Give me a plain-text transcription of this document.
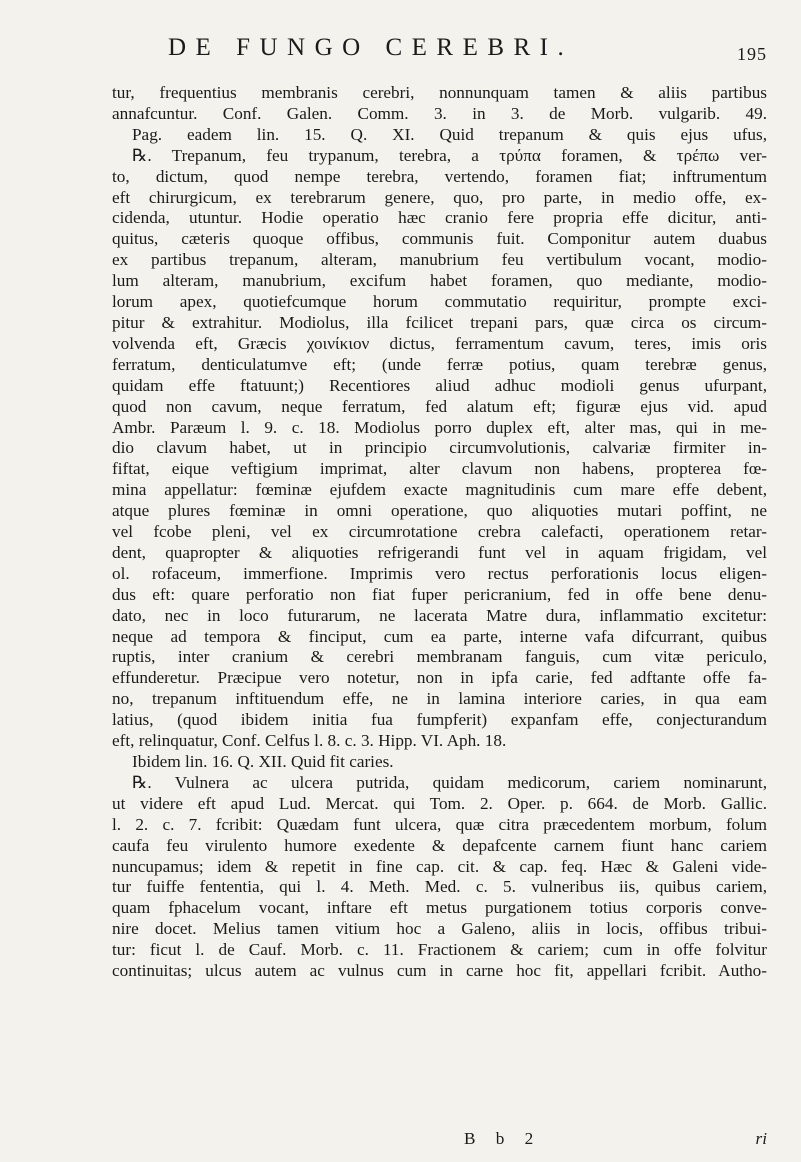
DE FUNGO CEREBRI.	195
tur, frequentius membranis cerebri, nonnunquam tamen & aliis partibus
annafcuntur. Conf. Galen. Comm. 3. in 3. de Morb. vulgarib. 49.
Pag. eadem lin. 15. Q. XI. Quid trepanum & quis ejus ufus,
℞. Trepanum, feu trypanum, terebra, a τρύπα foramen, & τρέπω ver-
to, dictum, quod nempe terebra, vertendo, foramen fiat; inftrumentum
eft chirurgicum, ex terebrarum genere, quo, pro parte, in medio offe, ex-
cidenda, utuntur. Hodie operatio hæc cranio fere propria effe dicitur, anti-
quitus, cæteris quoque offibus, communis fuit. Componitur autem duabus
ex partibus trepanum, alteram, manubrium feu vertibulum vocant, modio-
lum alteram, manubrium, excifum habet foramen, quo mediante, modio-
lorum apex, quotiefcumque horum commutatio requiritur, prompte exci-
pitur & extrahitur. Modiolus, illa fcilicet trepani pars, quæ circa os circum-
volvenda eft, Græcis χοινίκιον dictus, ferramentum cavum, teres, imis oris
ferratum, denticulatumve eft; (unde ferræ potius, quam terebræ genus,
quidam effe ftatuunt;) Recentiores aliud adhuc modioli genus ufurpant,
quod non cavum, neque ferratum, fed alatum eft; figuræ ejus vid. apud
Ambr. Paræum l. 9. c. 18. Modiolus porro duplex eft, alter mas, qui in me-
dio clavum habet, ut in principio circumvolutionis, calvariæ firmiter in-
fiftat, eique veftigium imprimat, alter clavum non habens, propterea fœ-
mina appellatur: fœminæ ejufdem exacte magnitudinis cum mare effe debent,
atque plures fœminæ in omni operatione, quo aliquoties mutari poffint, ne
vel fcobe pleni, vel ex circumrotatione crebra calefacti, operationem retar-
dent, quapropter & aliquoties refrigerandi funt vel in aquam frigidam, vel
ol. rofaceum, immerfione. Imprimis vero rectus perforationis locus eligen-
dus eft: quare perforatio non fiat fuper pericranium, fed in offe bene denu-
dato, nec in loco futurarum, ne lacerata Matre dura, inflammatio excitetur:
neque ad tempora & finciput, cum ea parte, interne vafa difcurrant, quibus
ruptis, inter cranium & cerebri membranam fanguis, cum vitæ periculo,
effunderetur. Præcipue vero notetur, non in ipfa carie, fed adftante offe fa-
no, trepanum inftituendum effe, ne in lamina interiore caries, in qua eam
latius, (quod ibidem initia fua fumpferit) expanfam effe, conjecturandum
eft, relinquatur, Conf. Celfus l. 8. c. 3. Hipp. VI. Aph. 18.
Ibidem lin. 16. Q. XII. Quid fit caries.
℞. Vulnera ac ulcera putrida, quidam medicorum, cariem nominarunt,
ut videre eft apud Lud. Mercat. qui Tom. 2. Oper. p. 664. de Morb. Gallic.
l. 2. c. 7. fcribit: Quædam funt ulcera, quæ citra præcedentem morbum, folum
caufa feu virulento humore exedente & depafcente carnem fiunt hanc cariem
nuncupamus; idem & repetit in fine cap. cit. & cap. feq. Hæc & Galeni vide-
tur fuiffe fententia, qui l. 4. Meth. Med. c. 5. vulneribus iis, quibus cariem,
quam fphacelum vocant, inftare eft metus purgationem totius corporis conve-
nire docet. Melius tamen vitium hoc a Galeno, aliis in locis, offibus tribui-
tur: ficut l. de Cauf. Morb. c. 11. Fractionem & cariem; cum in offe folvitur
continuitas; ulcus autem ac vulnus cum in carne hoc fit, appellari fcribit. Autho-
B b 2	ri
